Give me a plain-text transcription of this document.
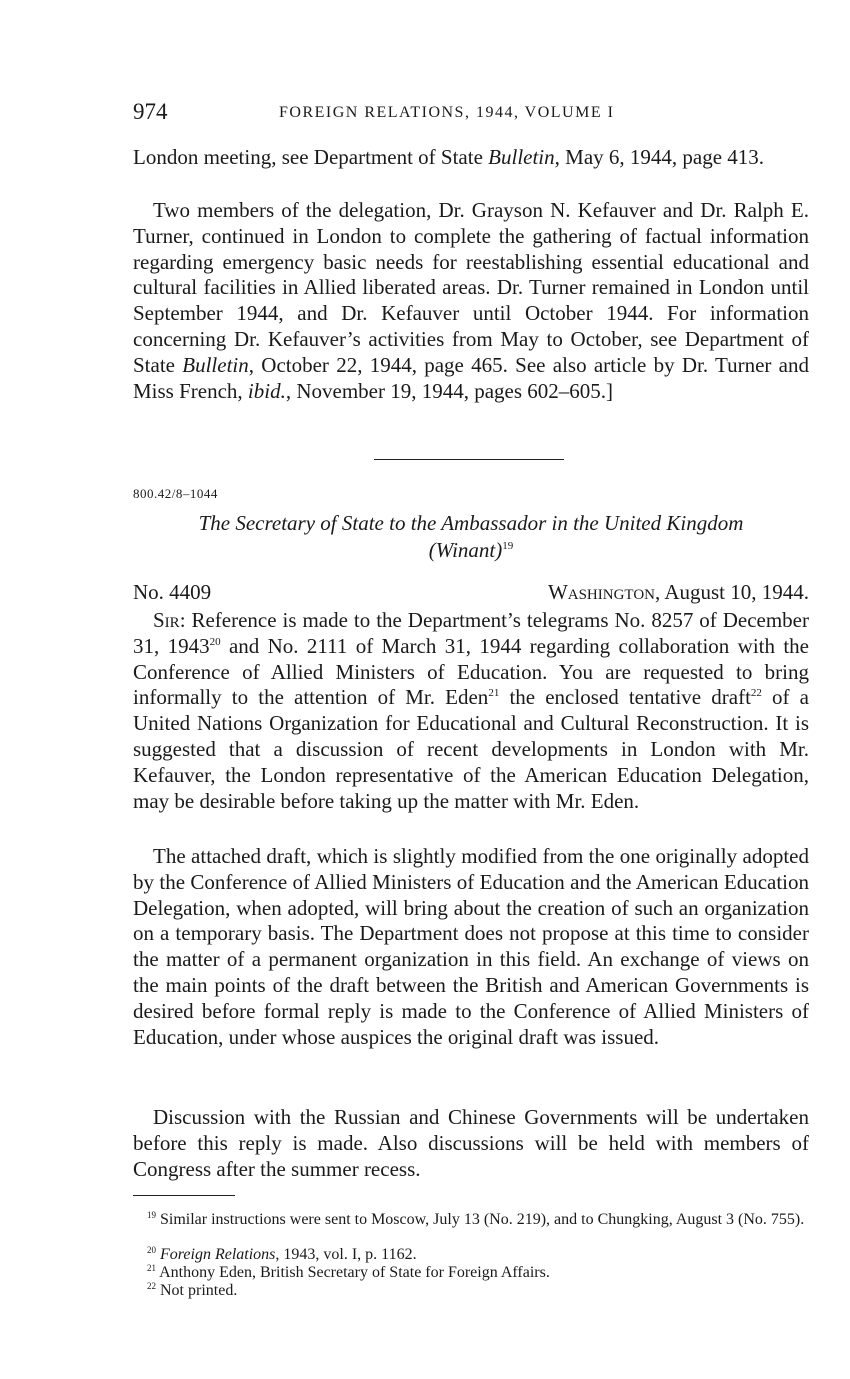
974	FOREIGN RELATIONS, 1944, VOLUME I

London meeting, see Department of State Bulletin, May 6, 1944, page 413.

Two members of the delegation, Dr. Grayson N. Kefauver and Dr. Ralph E. Turner, continued in London to complete the gathering of factual information regarding emergency basic needs for reestablishing essential educational and cultural facilities in Allied liberated areas. Dr. Turner remained in London until September 1944, and Dr. Kefauver until October 1944. For information concerning Dr. Kefauver’s activities from May to October, see Department of State Bulletin, October 22, 1944, page 465. See also article by Dr. Turner and Miss French, ibid., November 19, 1944, pages 602–605.]

800.42/8–1044
The Secretary of State to the Ambassador in the United Kingdom
(Winant)$^{19}$
No. 4409	Washington, August 10, 1944.

Sir: Reference is made to the Department’s telegrams No. 8257 of December 31, 1943$^{20}$ and No. 2111 of March 31, 1944 regarding collaboration with the Conference of Allied Ministers of Education. You are requested to bring informally to the attention of Mr. Eden$^{21}$ the enclosed tentative draft$^{22}$ of a United Nations Organization for Educational and Cultural Reconstruction. It is suggested that a discussion of recent developments in London with Mr. Kefauver, the London representative of the American Education Delegation, may be desirable before taking up the matter with Mr. Eden.

The attached draft, which is slightly modified from the one originally adopted by the Conference of Allied Ministers of Education and the American Education Delegation, when adopted, will bring about the creation of such an organization on a temporary basis. The Department does not propose at this time to consider the matter of a permanent organization in this field. An exchange of views on the main points of the draft between the British and American Governments is desired before formal reply is made to the Conference of Allied Ministers of Education, under whose auspices the original draft was issued.

Discussion with the Russian and Chinese Governments will be undertaken before this reply is made. Also discussions will be held with members of Congress after the summer recess.

$^{19}$ Similar instructions were sent to Moscow, July 13 (No. 219), and to Chungking, August 3 (No. 755).

$^{20}$ Foreign Relations, 1943, vol. I, p. 1162.

$^{21}$ Anthony Eden, British Secretary of State for Foreign Affairs.

$^{22}$ Not printed.
